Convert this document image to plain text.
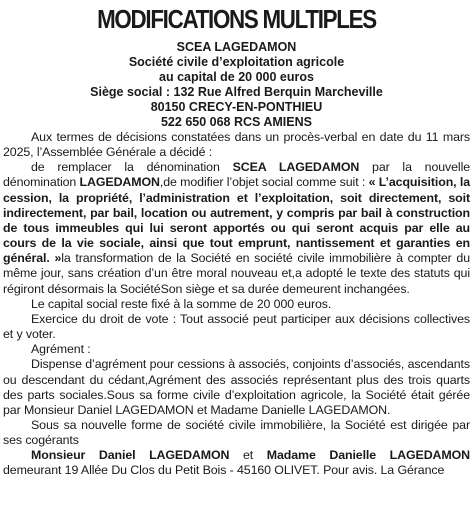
MODIFICATIONS MULTIPLES
SCEA LAGEDAMON
Société civile d’exploitation agricole
au capital de 20 000 euros
Siège social : 132 Rue Alfred Berquin Marcheville
80150 CRECY-EN-PONTHIEU
522 650 068 RCS AMIENS

Aux termes de décisions constatées dans un procès-verbal en date du 11 mars 2025, l’Assemblée Générale a décidé :

de remplacer la dénomination SCEA LAGEDAMON par la nouvelle dénomination LAGEDAMON,de modifier l’objet social comme suit : « L’acquisition, la cession, la propriété, l’administration et l’exploitation, soit directement, soit indirectement, par bail, location ou autrement, y compris par bail à construction de tous immeubles qui lui seront apportés ou qui seront acquis par elle au cours de la vie sociale, ainsi que tout emprunt, nantissement et garanties en général. »la transformation de la Société en société civile immobilière à compter du même jour, sans création d’un être moral nouveau et,a adopté le texte des statuts qui régiront désormais la SociétéSon siège et sa durée demeurent inchangées.

Le capital social reste fixé à la somme de 20 000 euros.

Exercice du droit de vote : Tout associé peut participer aux décisions collectives et y voter.

Agrément :

Dispense d’agrément pour cessions à associés, conjoints d’associés, ascendants ou descendant du cédant,Agrément des associés représentant plus des trois quarts des parts sociales.Sous sa forme civile d’exploitation agricole, la Société était gérée par Monsieur Daniel LAGEDAMON et Madame Danielle LAGEDAMON.

Sous sa nouvelle forme de société civile immobilière, la Société est dirigée par ses cogérants

Monsieur Daniel LAGEDAMON et Madame Danielle LAGEDAMON demeurant 19 Allée Du Clos du Petit Bois - 45160 OLIVET. Pour avis. La Gérance
